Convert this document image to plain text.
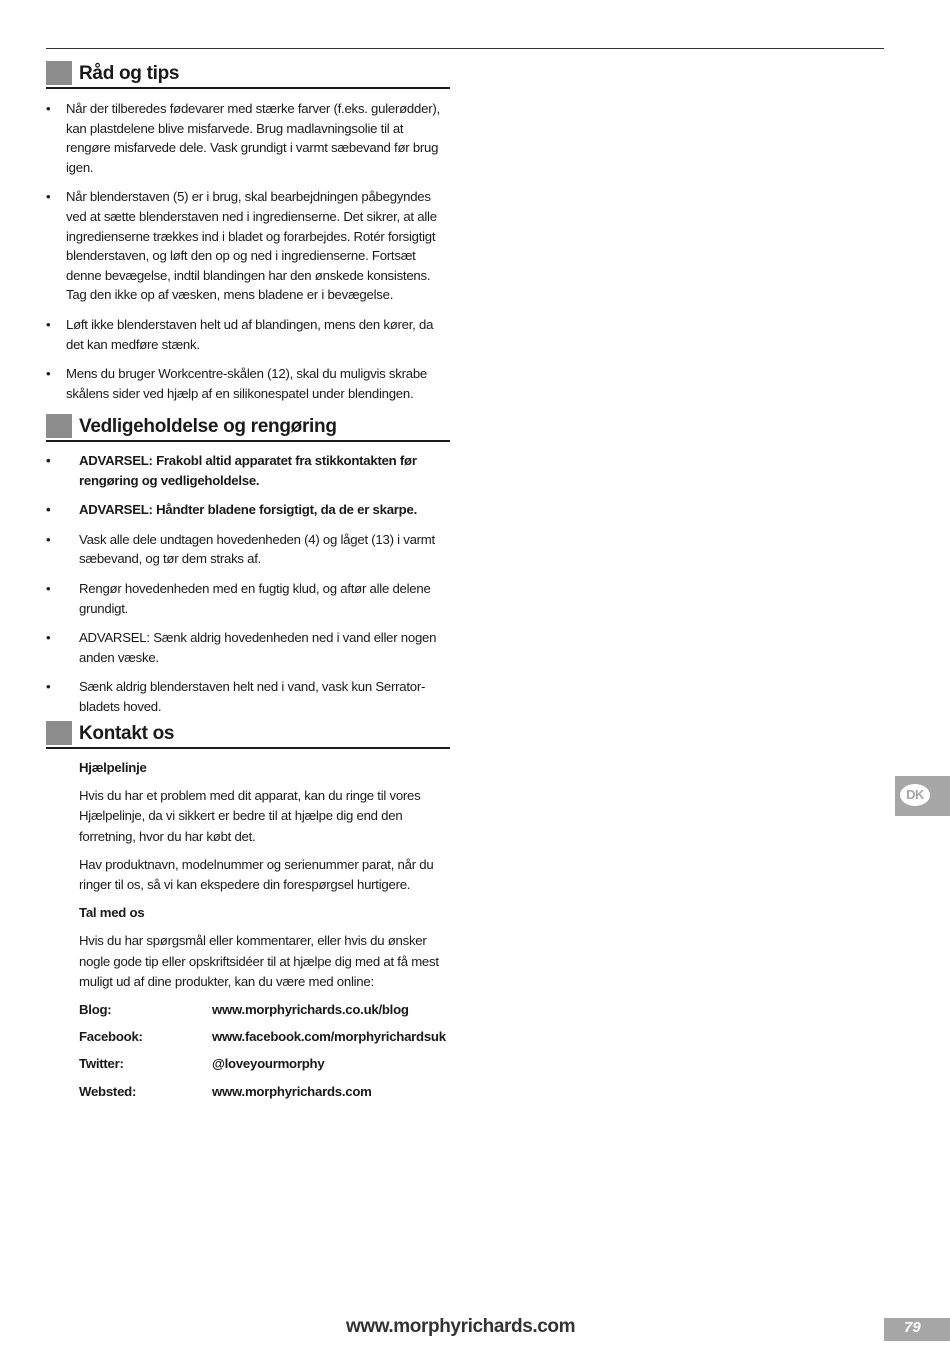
Råd og tips
• Når der tilberedes fødevarer med stærke farver (f.eks. gulerødder), kan plastdelene blive misfarvede. Brug madlavningsolie til at rengøre misfarvede dele. Vask grundigt i varmt sæbevand før brug igen.
• Når blenderstaven (5) er i brug, skal bearbejdningen påbegyndes ved at sætte blenderstaven ned i ingredienserne. Det sikrer, at alle ingredienserne trækkes ind i bladet og forarbejdes. Rotér forsigtigt blenderstaven, og løft den op og ned i ingredienserne. Fortsæt denne bevægelse, indtil blandingen har den ønskede konsistens. Tag den ikke op af væsken, mens bladene er i bevægelse.
• Løft ikke blenderstaven helt ud af blandingen, mens den kører, da det kan medføre stænk.
• Mens du bruger Workcentre-skålen (12), skal du muligvis skrabe skålens sider ved hjælp af en silikonespatel under blendingen.
Vedligeholdelse og rengøring
• ADVARSEL: Frakobl altid apparatet fra stikkontakten før rengøring og vedligeholdelse.
• ADVARSEL: Håndter bladene forsigtigt, da de er skarpe.
• Vask alle dele undtagen hovedenheden (4) og låget (13) i varmt sæbevand, og tør dem straks af.
• Rengør hovedenheden med en fugtig klud, og aftør alle delene grundigt.
• ADVARSEL: Sænk aldrig hovedenheden ned i vand eller nogen anden væske.
• Sænk aldrig blenderstaven helt ned i vand, vask kun Serrator-bladets hoved.
Kontakt os
Hjælpelinje

Hvis du har et problem med dit apparat, kan du ringe til vores Hjælpelinje, da vi sikkert er bedre til at hjælpe dig end den forretning, hvor du har købt det.

Hav produktnavn, modelnummer og serienummer parat, når du ringer til os, så vi kan ekspedere din forespørgsel hurtigere.

Tal med os

Hvis du har spørgsmål eller kommentarer, eller hvis du ønsker nogle gode tip eller opskriftsidéer til at hjælpe dig med at få mest muligt ud af dine produkter, kan du være med online:

Blog:	www.morphyrichards.co.uk/blog
Facebook:	www.facebook.com/morphyrichardsuk
Twitter:	@loveyourmorphy
Websted:	www.morphyrichards.com
DK
www.morphyrichards.com	79
